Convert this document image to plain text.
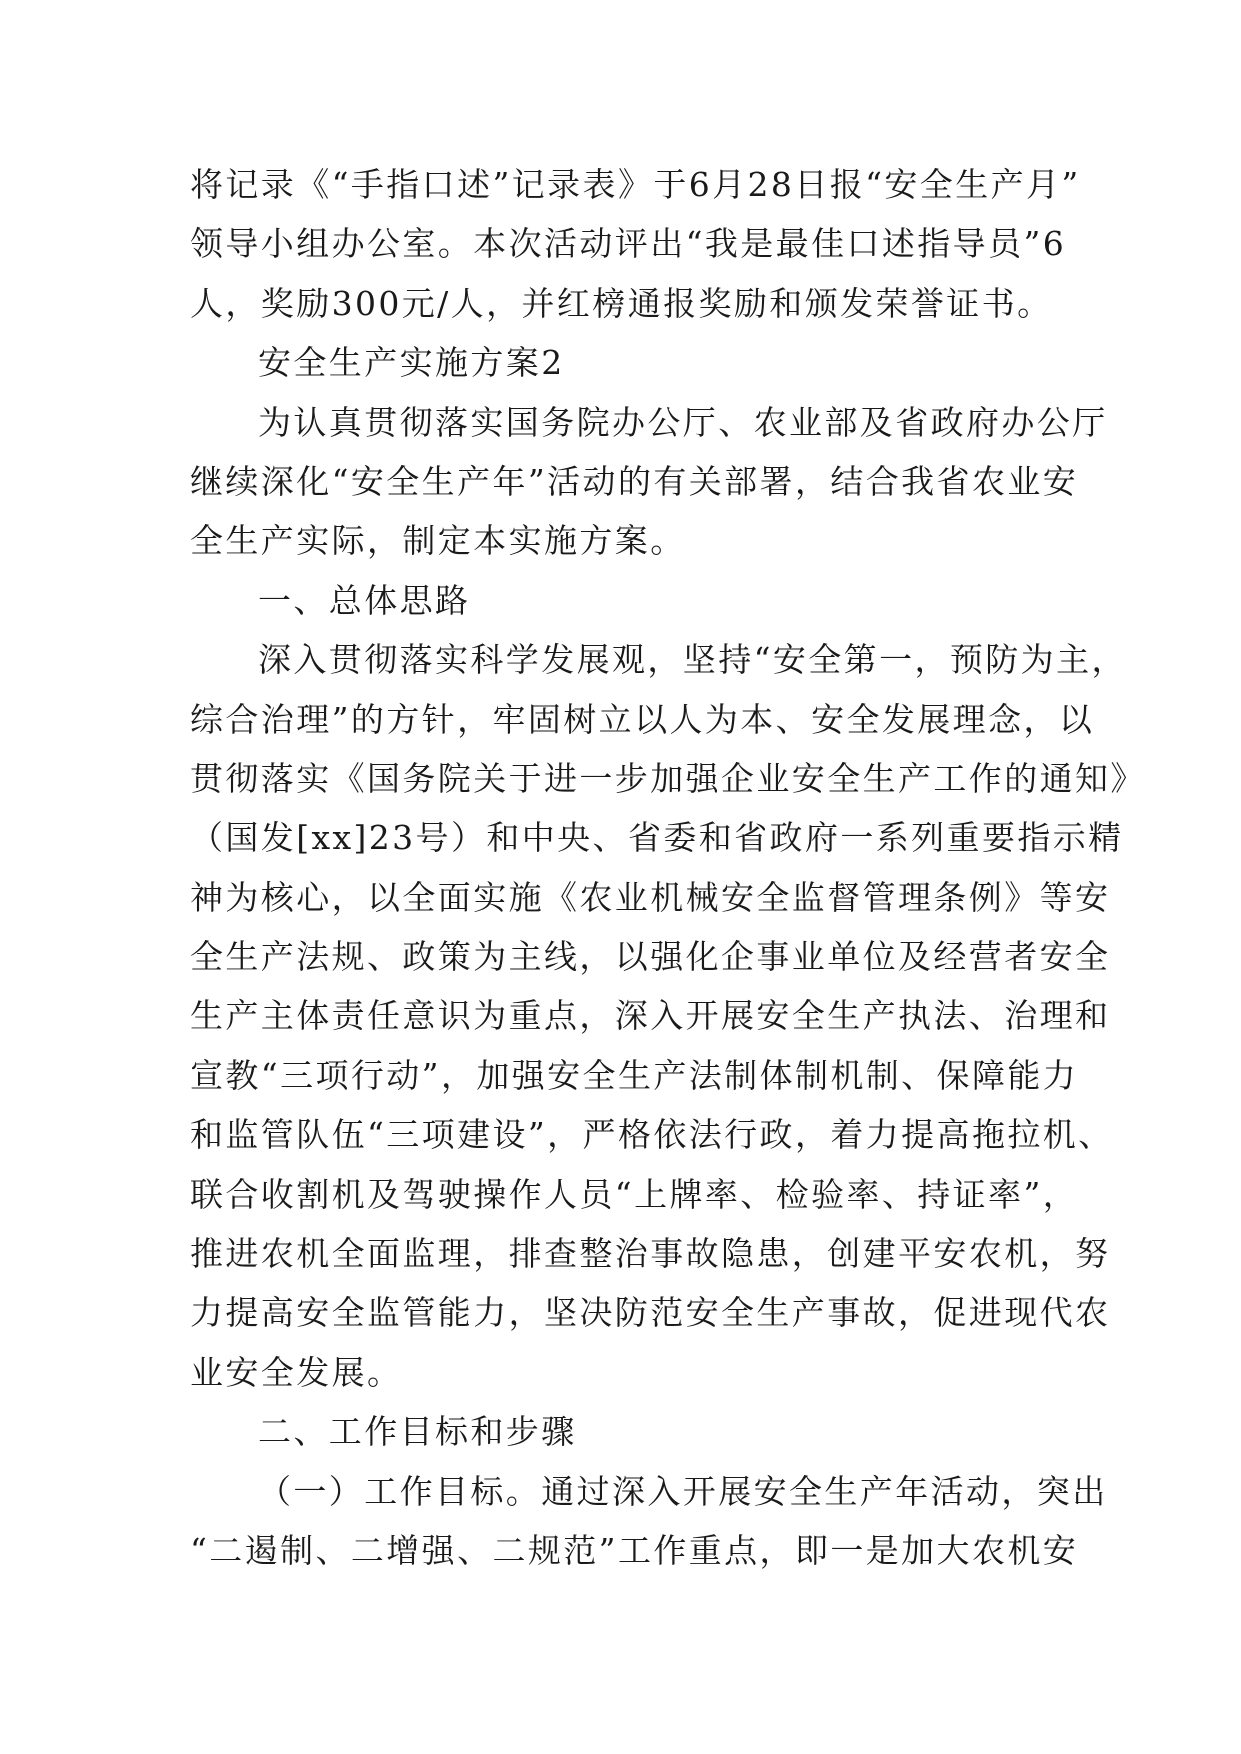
将记录《“手指口述”记录表》于6月28日报“安全生产月”
领导小组办公室。本次活动评出“我是最佳口述指导员”6
人，奖励300元/人，并红榜通报奖励和颁发荣誉证书。
安全生产实施方案2
为认真贯彻落实国务院办公厅、农业部及省政府办公厅
继续深化“安全生产年”活动的有关部署，结合我省农业安
全生产实际，制定本实施方案。
一、总体思路
深入贯彻落实科学发展观，坚持“安全第一，预防为主，
综合治理”的方针，牢固树立以人为本、安全发展理念，以
贯彻落实《国务院关于进一步加强企业安全生产工作的通知》
（国发[xx]23号）和中央、省委和省政府一系列重要指示精
神为核心，以全面实施《农业机械安全监督管理条例》等安
全生产法规、政策为主线，以强化企事业单位及经营者安全
生产主体责任意识为重点，深入开展安全生产执法、治理和
宣教“三项行动”，加强安全生产法制体制机制、保障能力
和监管队伍“三项建设”，严格依法行政，着力提高拖拉机、
联合收割机及驾驶操作人员“上牌率、检验率、持证率”，
推进农机全面监理，排查整治事故隐患，创建平安农机，努
力提高安全监管能力，坚决防范安全生产事故，促进现代农
业安全发展。
二、工作目标和步骤
（一）工作目标。通过深入开展安全生产年活动，突出
“二遏制、二增强、二规范”工作重点，即一是加大农机安
